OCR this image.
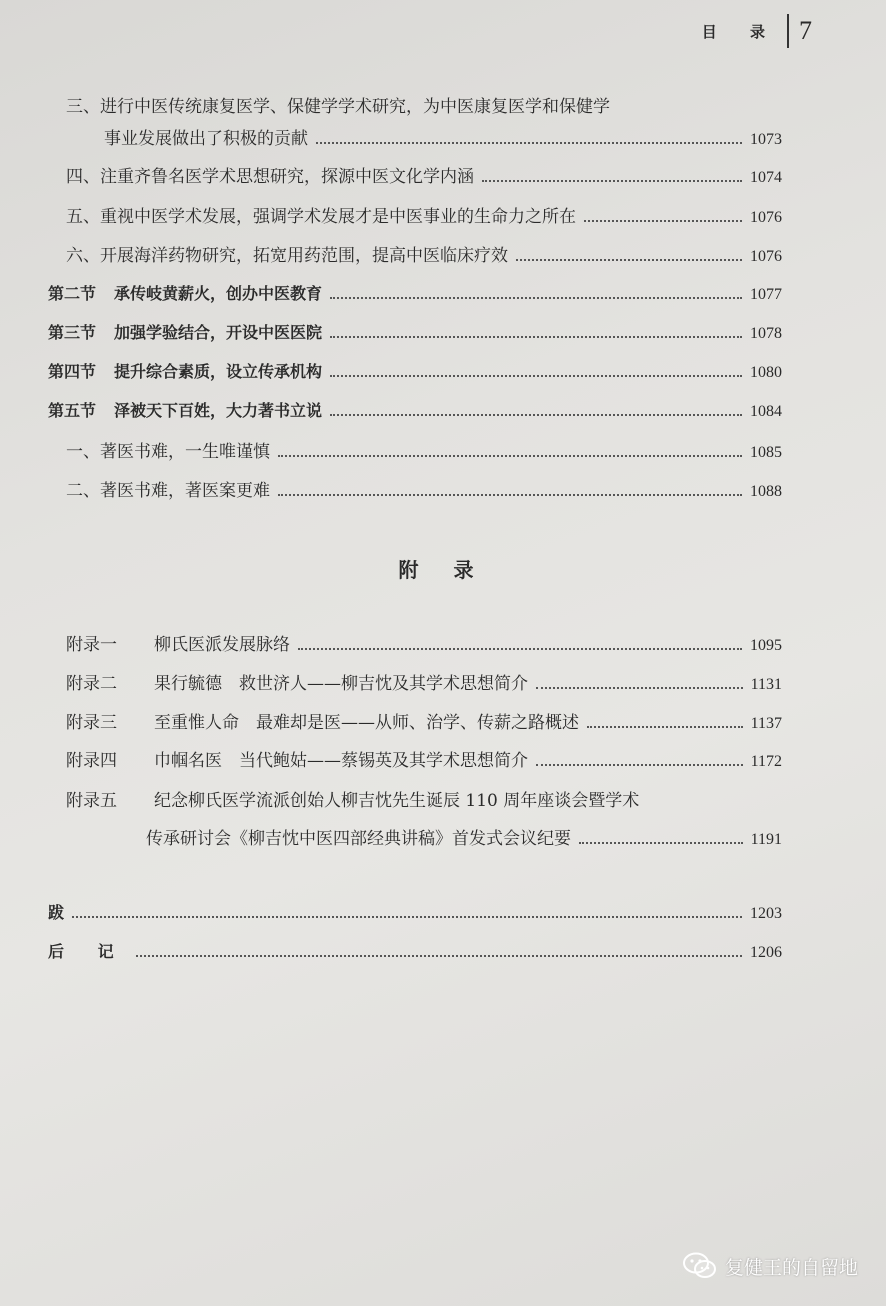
目 录 7
三、进行中医传统康复医学、保健学学术研究，为中医康复医学和保健学
事业发展做出了积极的贡献	1073
四、注重齐鲁名医学术思想研究，探源中医文化学内涵	1074
五、重视中医学术发展，强调学术发展才是中医事业的生命力之所在	1076
六、开展海洋药物研究，拓宽用药范围，提高中医临床疗效	1076
第二节 承传岐黄薪火，创办中医教育	1077
第三节 加强学验结合，开设中医医院	1078
第四节 提升综合素质，设立传承机构	1080
第五节 泽被天下百姓，大力著书立说	1084
一、著医书难，一生唯谨慎	1085
二、著医书难，著医案更难	1088
附 录
附录一	柳氏医派发展脉络	1095
附录二	果行毓德　救世济人——柳吉忱及其学术思想简介	1131
附录三	至重惟人命　最难却是医——从师、治学、传薪之路概述	1137
附录四	巾帼名医　当代鲍姑——蔡锡英及其学术思想简介	1172
附录五 纪念柳氏医学流派创始人柳吉忱先生诞辰 110 周年座谈会暨学术
传承研讨会《柳吉忱中医四部经典讲稿》首发式会议纪要	1191
跋	1203
后 记	1206
复健王的自留地
